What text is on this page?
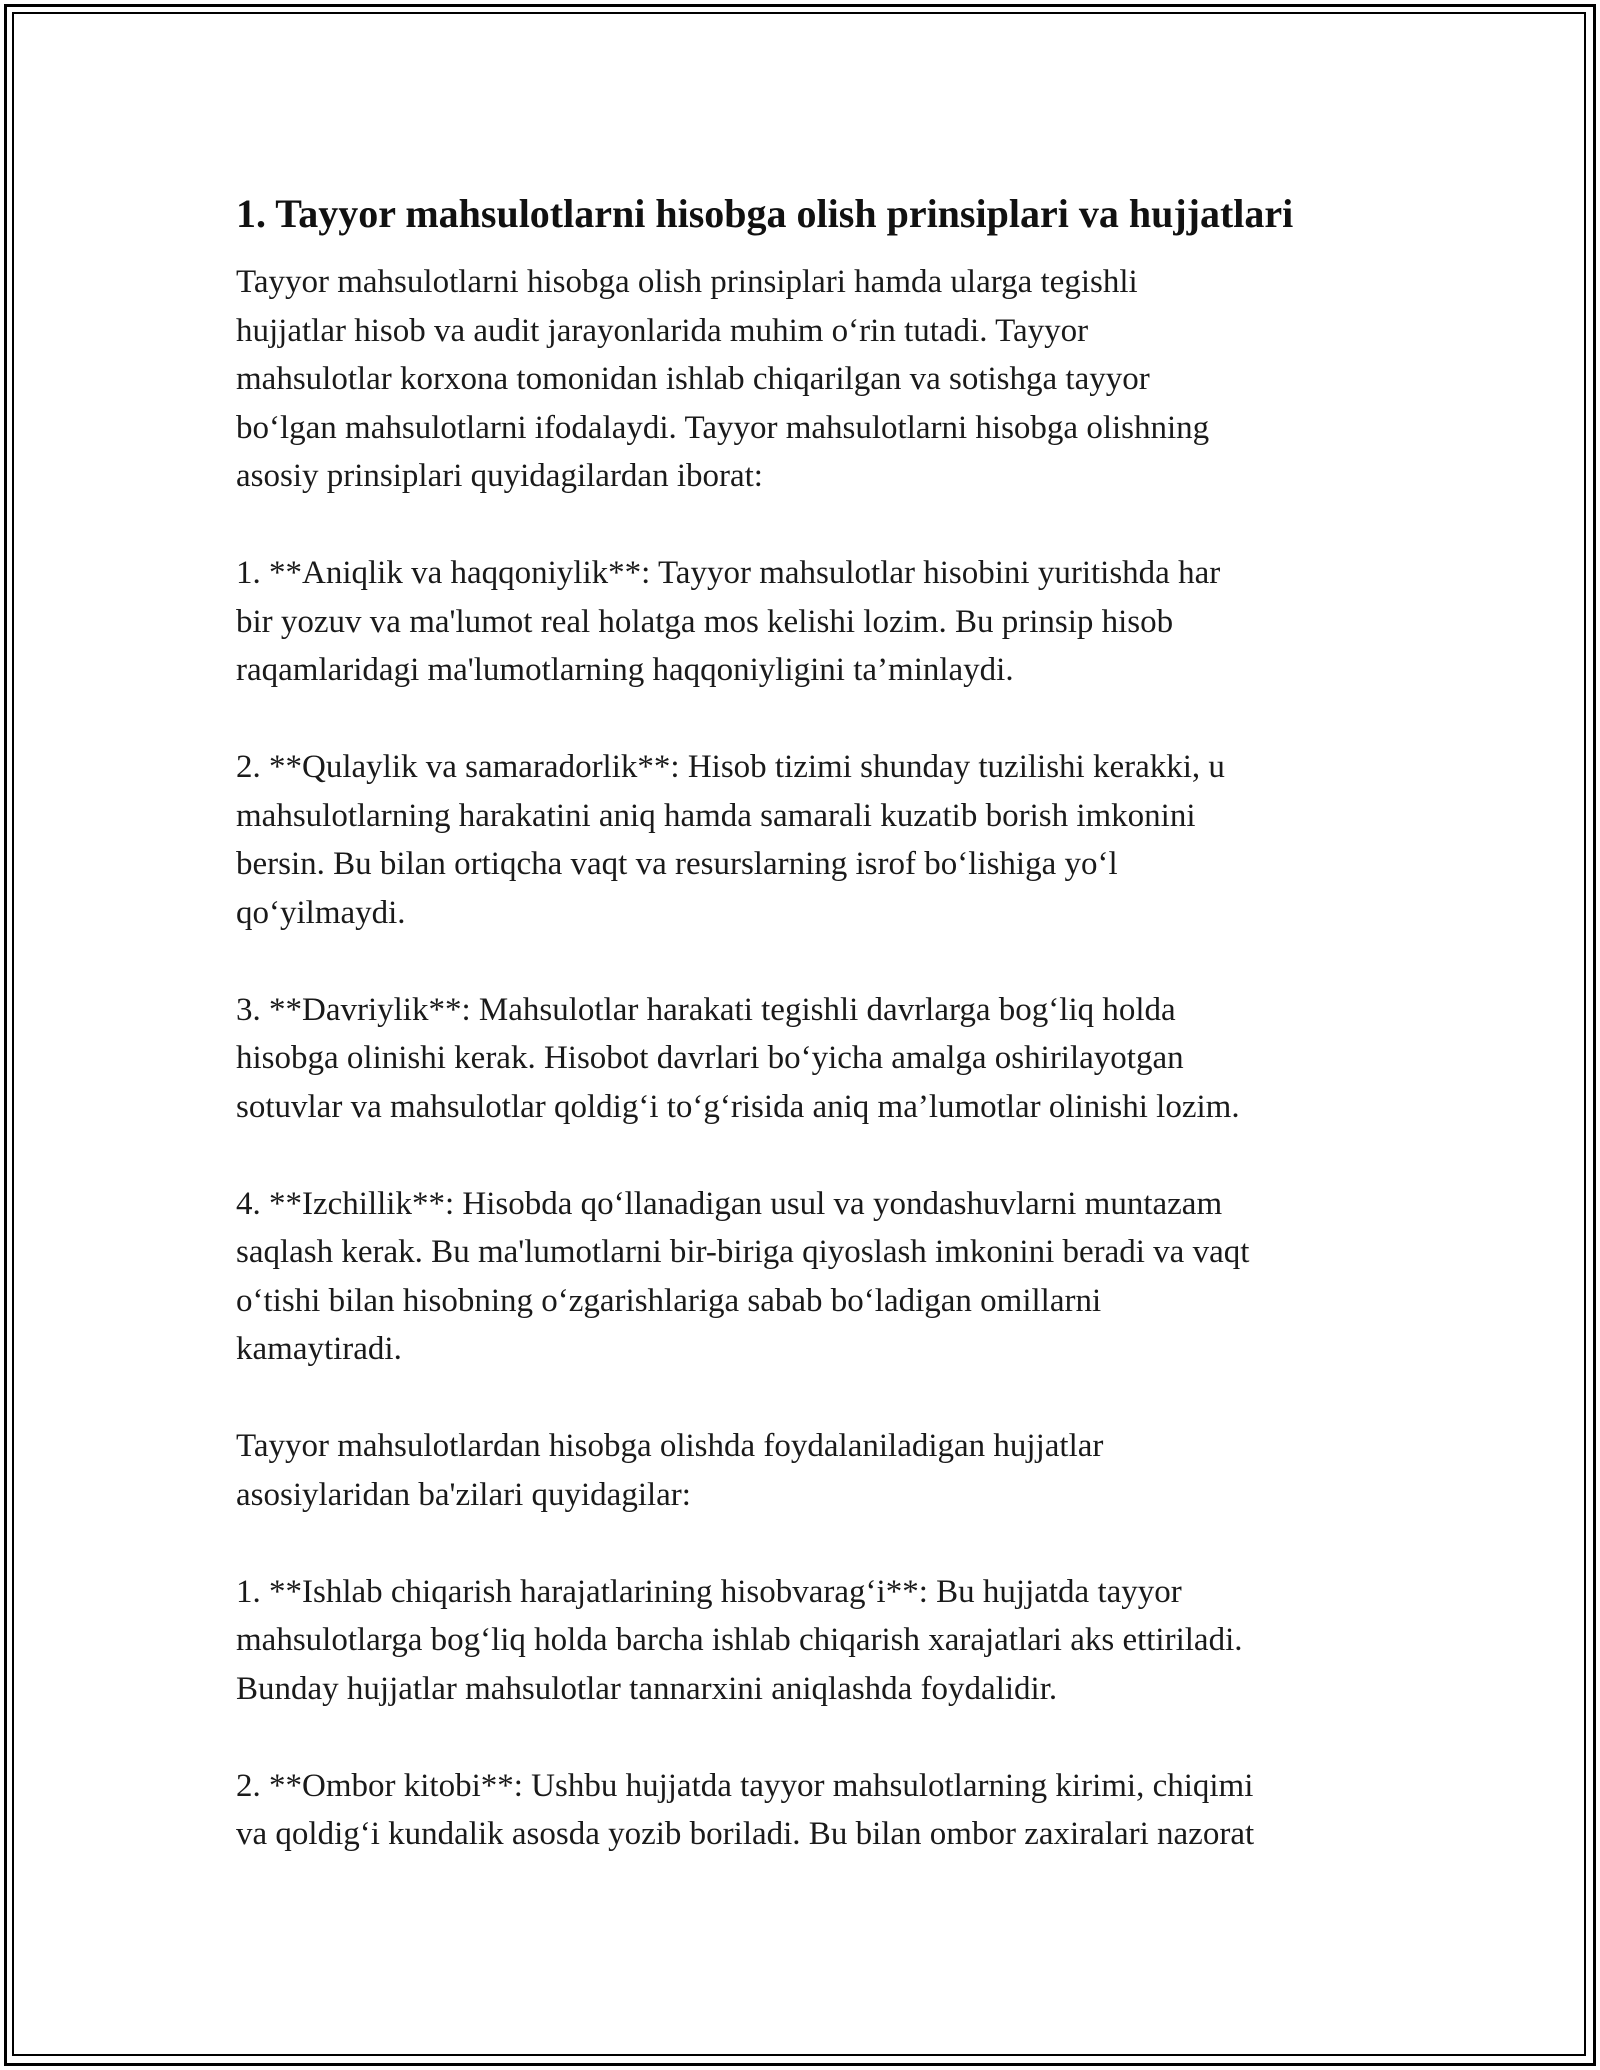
1. Tayyor mahsulotlarni hisobga olish prinsiplari va hujjatlari

Tayyor mahsulotlarni hisobga olish prinsiplari hamda ularga tegishli
hujjatlar hisob va audit jarayonlarida muhim o‘rin tutadi. Tayyor
mahsulotlar korxona tomonidan ishlab chiqarilgan va sotishga tayyor
bo‘lgan mahsulotlarni ifodalaydi. Tayyor mahsulotlarni hisobga olishning
asosiy prinsiplari quyidagilardan iborat:

1. **Aniqlik va haqqoniylik**: Tayyor mahsulotlar hisobini yuritishda har
bir yozuv va ma'lumot real holatga mos kelishi lozim. Bu prinsip hisob
raqamlaridagi ma'lumotlarning haqqoniyligini ta’minlaydi.

2. **Qulaylik va samaradorlik**: Hisob tizimi shunday tuzilishi kerakki, u
mahsulotlarning harakatini aniq hamda samarali kuzatib borish imkonini
bersin. Bu bilan ortiqcha vaqt va resurslarning isrof bo‘lishiga yo‘l
qo‘yilmaydi.

3. **Davriylik**: Mahsulotlar harakati tegishli davrlarga bog‘liq holda
hisobga olinishi kerak. Hisobot davrlari bo‘yicha amalga oshirilayotgan
sotuvlar va mahsulotlar qoldig‘i to‘g‘risida aniq ma’lumotlar olinishi lozim.

4. **Izchillik**: Hisobda qo‘llanadigan usul va yondashuvlarni muntazam
saqlash kerak. Bu ma'lumotlarni bir-biriga qiyoslash imkonini beradi va vaqt
o‘tishi bilan hisobning o‘zgarishlariga sabab bo‘ladigan omillarni
kamaytiradi.

Tayyor mahsulotlardan hisobga olishda foydalaniladigan hujjatlar
asosiylaridan ba'zilari quyidagilar:

1. **Ishlab chiqarish harajatlarining hisobvarag‘i**: Bu hujjatda tayyor
mahsulotlarga bog‘liq holda barcha ishlab chiqarish xarajatlari aks ettiriladi.
Bunday hujjatlar mahsulotlar tannarxini aniqlashda foydalidir.

2. **Ombor kitobi**: Ushbu hujjatda tayyor mahsulotlarning kirimi, chiqimi
va qoldig‘i kundalik asosda yozib boriladi. Bu bilan ombor zaxiralari nazorat
